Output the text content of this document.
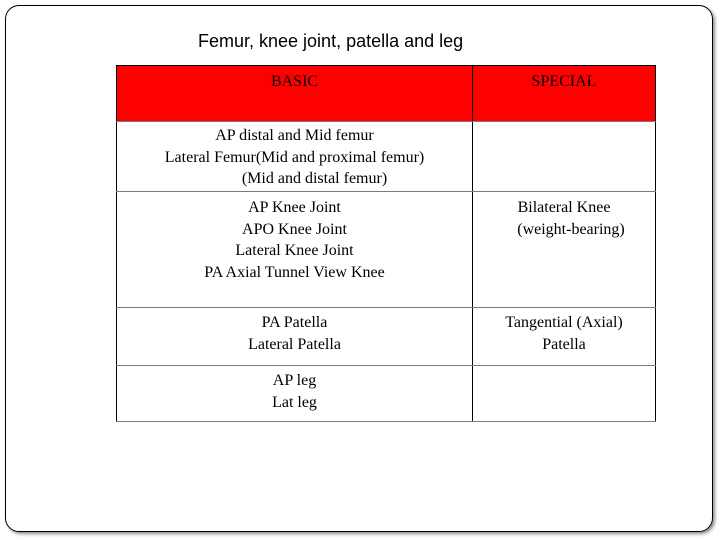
Femur, knee joint, patella and leg
BASIC	SPECIAL

AP distal and Mid femur
Lateral Femur(Mid and proximal femur)
(Mid and distal femur)	

AP Knee Joint
APO Knee Joint
Lateral Knee Joint
PA Axial Tunnel View Knee	Bilateral Knee
(weight-bearing)

PA Patella
Lateral Patella	Tangential (Axial)
Patella

AP leg
Lat leg	
